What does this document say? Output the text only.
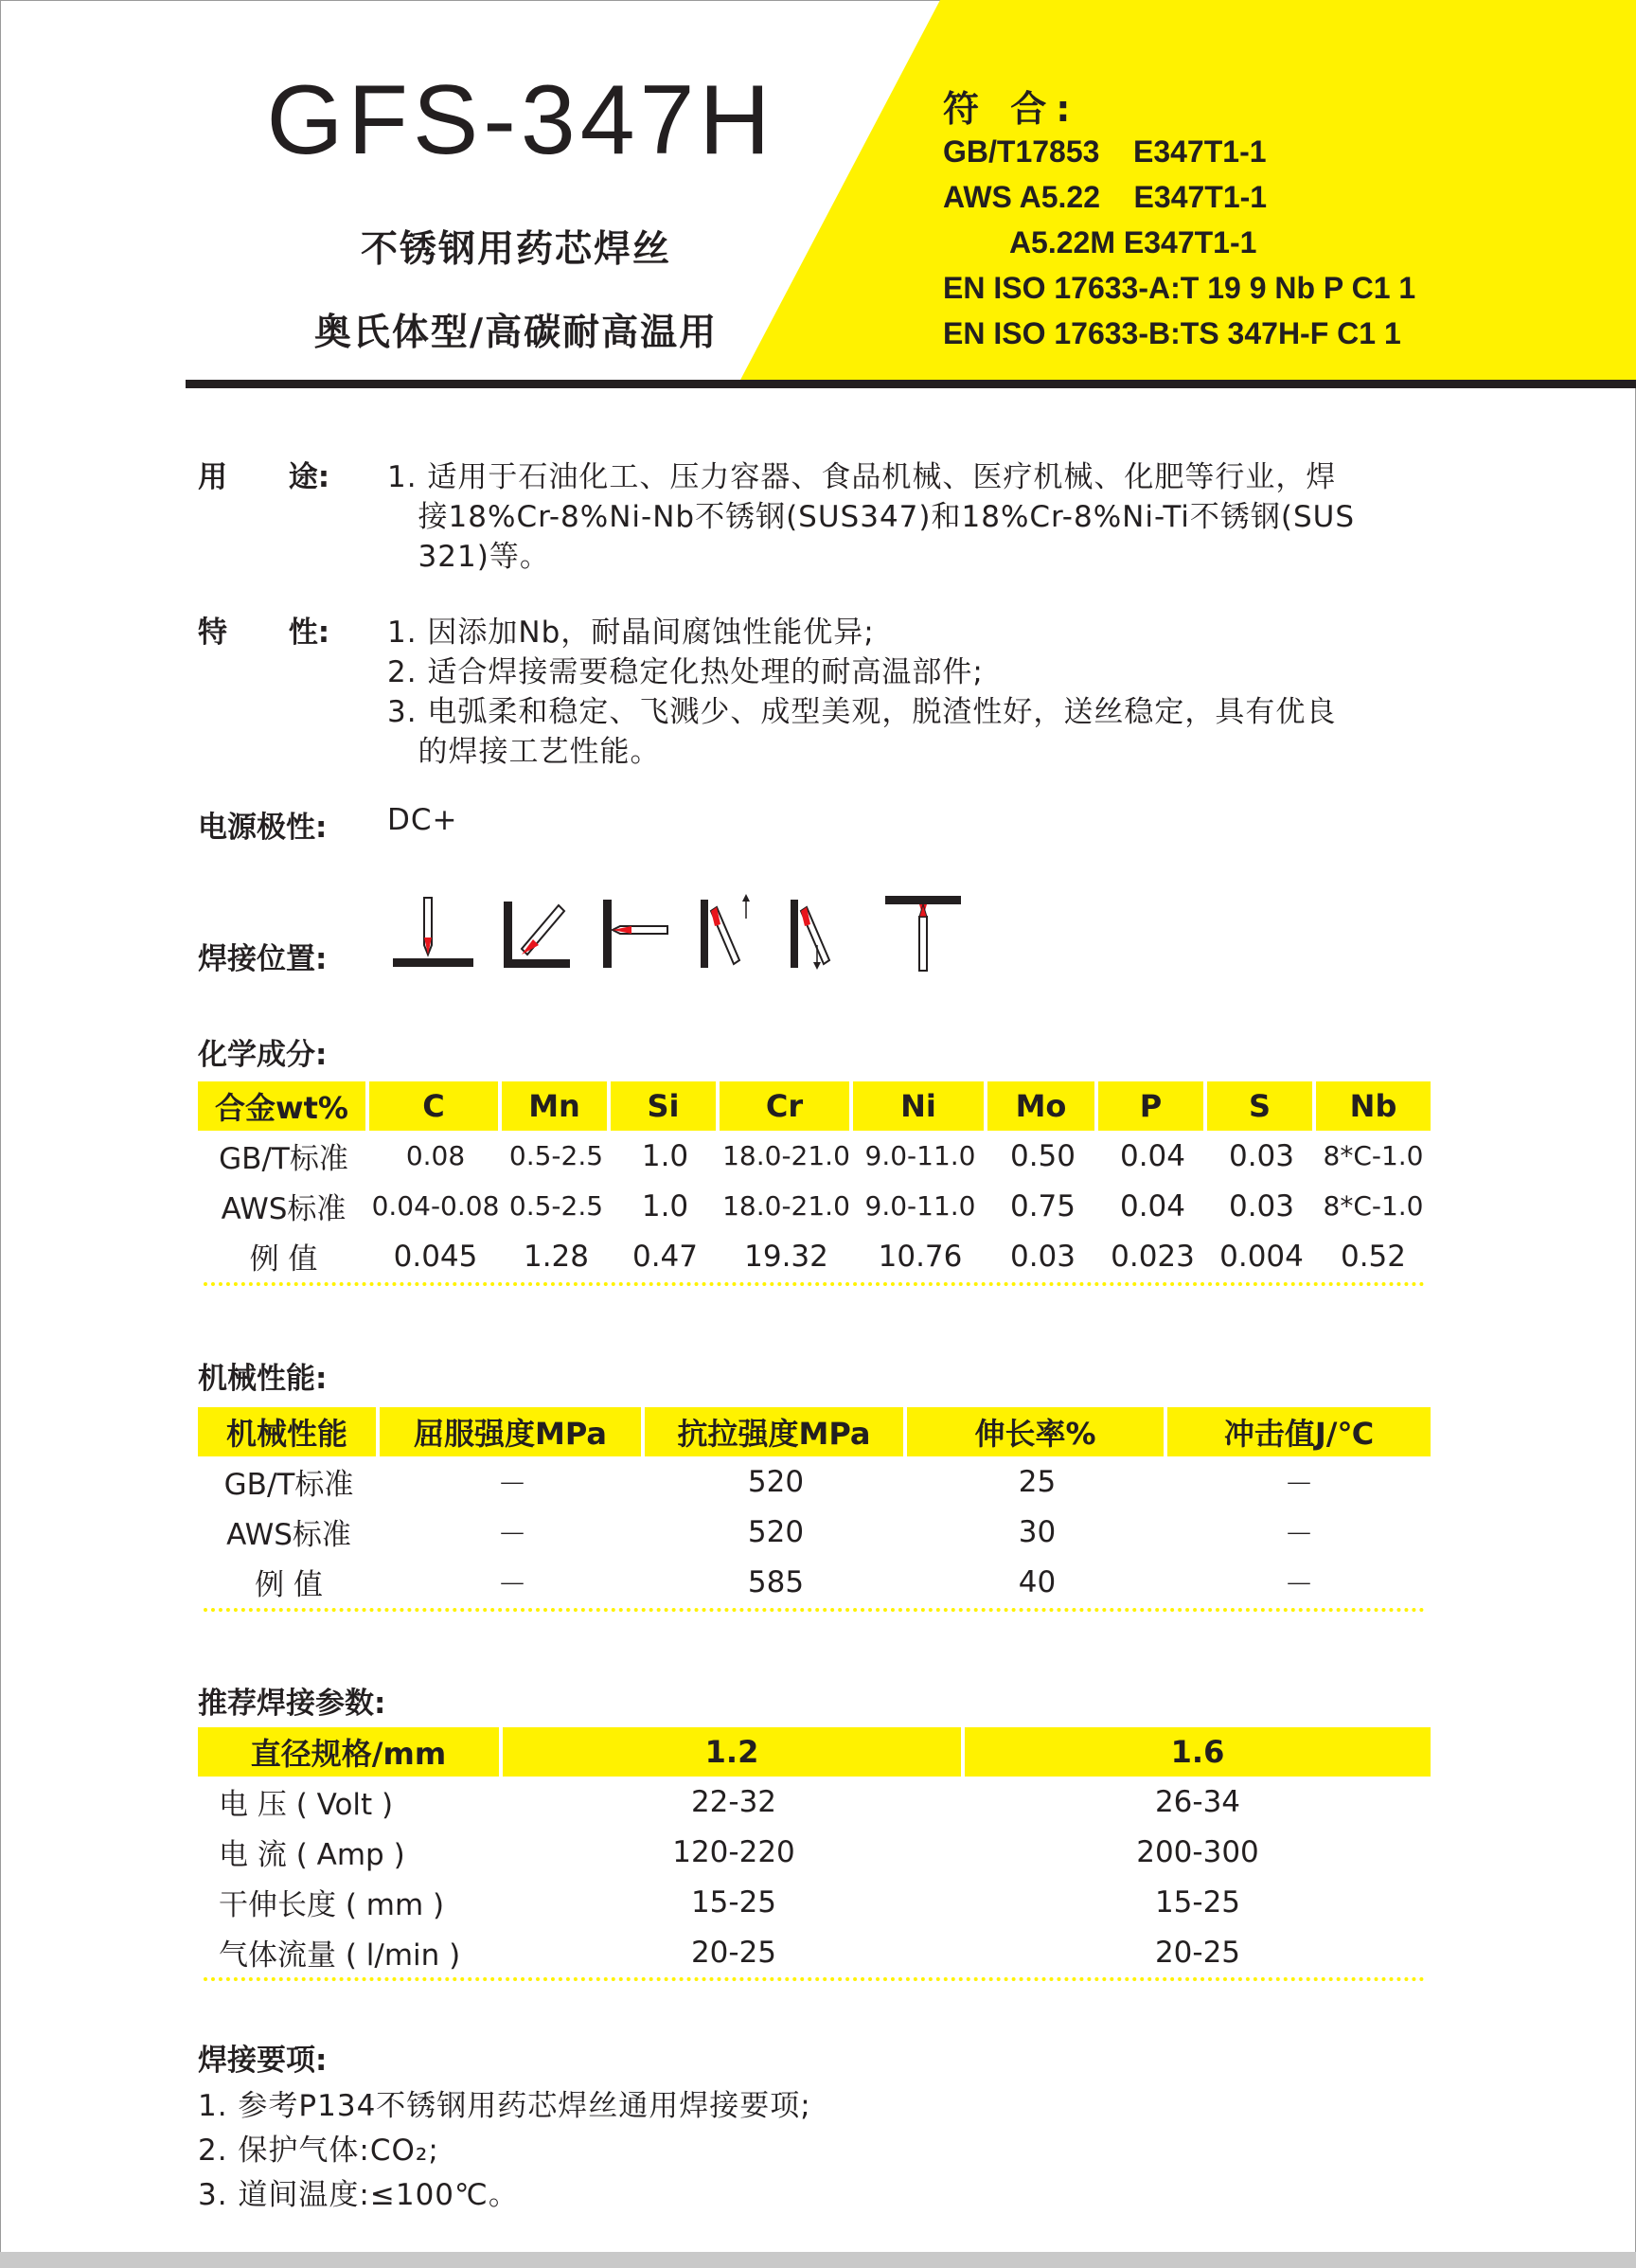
GFS-347H
不锈钢用药芯焊丝
奥氏体型/高碳耐高温用
符 合:
GB/T17853    E347T1-1
AWS A5.22    E347T1-1
A5.22M E347T1-1
EN ISO 17633-A:T 19 9 Nb P C1 1
EN ISO 17633-B:TS 347H-F C1 1
用      途: 1. 适用于石油化工、压力容器、食品机械、医疗机械、化肥等行业，焊
接18%Cr-8%Ni-Nb不锈钢(SUS347)和18%Cr-8%Ni-Ti不锈钢(SUS
321)等。
特      性: 1. 因添加Nb，耐晶间腐蚀性能优异;
2. 适合焊接需要稳定化热处理的耐高温部件;
3. 电弧柔和稳定、飞溅少、成型美观，脱渣性好，送丝稳定，具有优良
的焊接工艺性能。
电源极性: DC+
焊接位置:
化学成分:
合金wt%	C	Mn	Si	Cr	Ni	Mo	P	S	Nb
GB/T标准	0.08	0.5-2.5	1.0	18.0-21.0 9.0-11.0	0.50	0.04	0.03	8*C-1.0
AWS标准 0.04-0.08 0.5-2.5	1.0	18.0-21.0 9.0-11.0	0.75	0.04	0.03	8*C-1.0
例 值	0.045	1.28	0.47	19.32	10.76	0.03	0.023 0.004	0.52
机械性能:
机械性能	屈服强度MPa	抗拉强度MPa	伸长率%	冲击值J/℃
GB/T标准	－	520	25	－
AWS标准	－	520	30	－
例 值	－	585	40	－
推荐焊接参数:
直径规格/mm	1.2	1.6
电 压 ( Volt )	22-32	26-34
电 流 ( Amp )	120-220	200-300
干伸长度 ( mm )	15-25	15-25
气体流量 ( l/min )	20-25	20-25
焊接要项:
1. 参考P134不锈钢用药芯焊丝通用焊接要项;
2. 保护气体:CO₂;
3. 道间温度:≤100℃。
